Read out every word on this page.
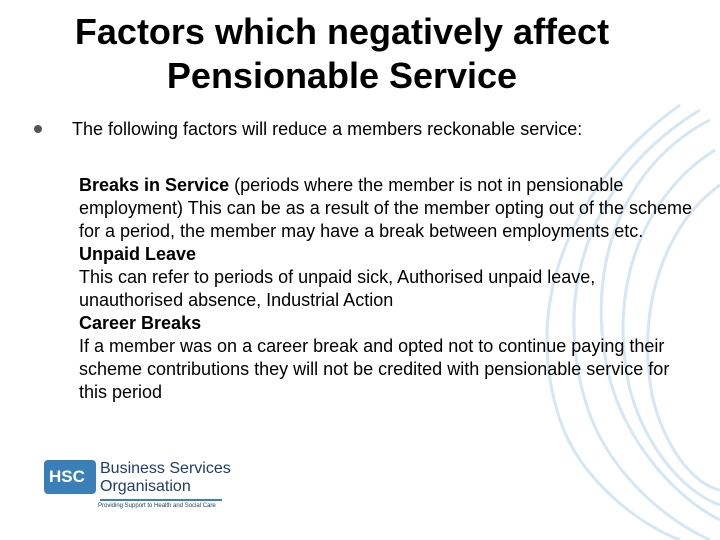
Factors which negatively affect
Pensionable Service
The following factors will reduce a members reckonable service:

Breaks in Service (periods where the member is not in pensionable employment) This can be as a result of the member opting out of the scheme for a period, the member may have a break between employments etc.

Unpaid Leave

This can refer to periods of unpaid sick, Authorised unpaid leave, unauthorised absence, Industrial Action

Career Breaks

If a member was on a career break and opted not to continue paying their scheme contributions they will not be credited with pensionable service for this period

HSC Business Services
Organisation
Providing Support to Health and Social Care
